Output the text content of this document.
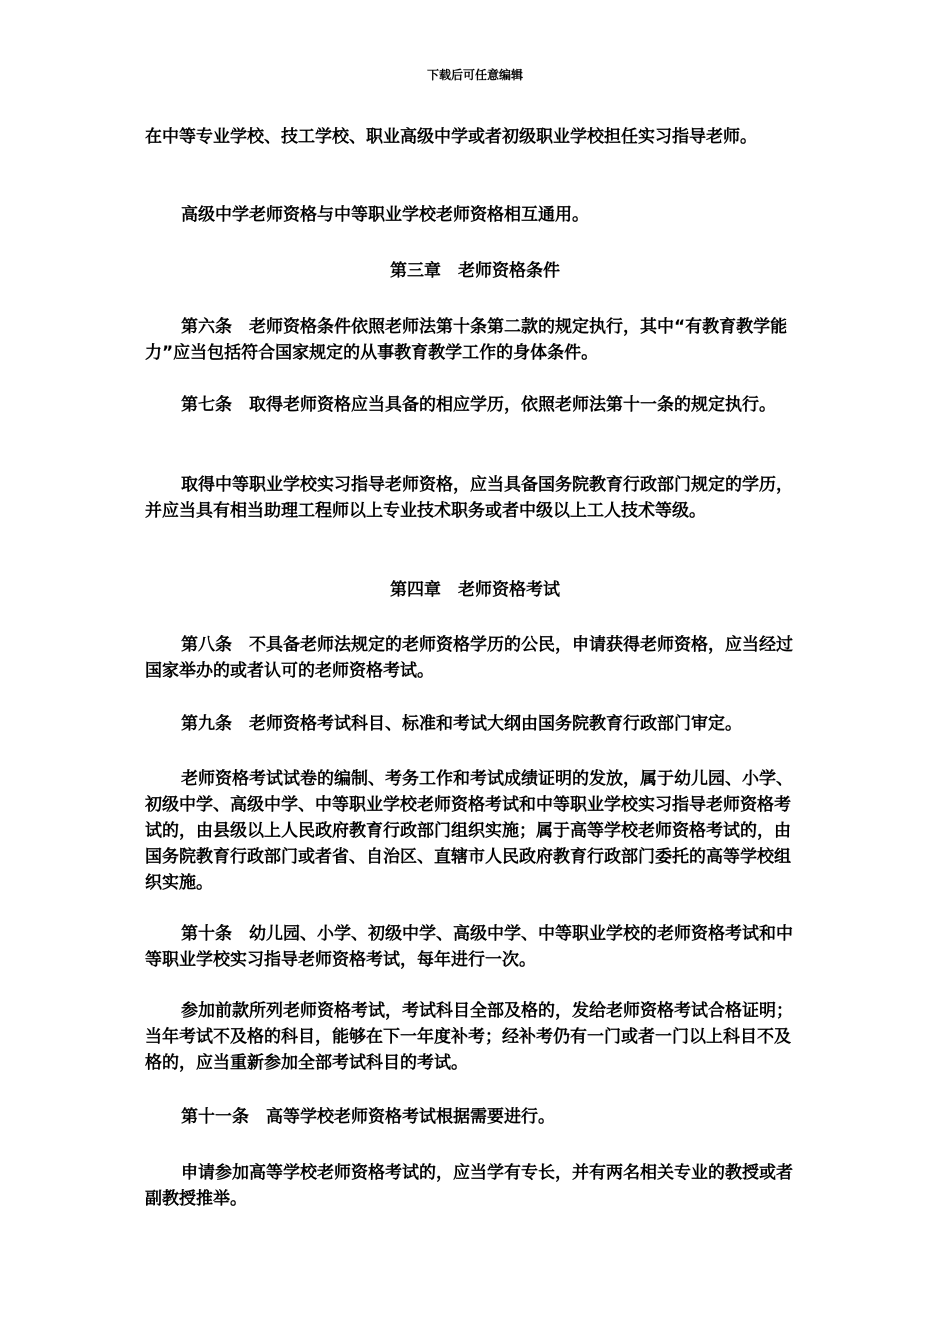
下载后可任意编辑

在中等专业学校、技工学校、职业高级中学或者初级职业学校担任实习指导老师。

高级中学老师资格与中等职业学校老师资格相互通用。

第三章　老师资格条件

第六条　老师资格条件依照老师法第十条第二款的规定执行，其中“有教育教学能力”应当包括符合国家规定的从事教育教学工作的身体条件。

第七条　取得老师资格应当具备的相应学历，依照老师法第十一条的规定执行。

取得中等职业学校实习指导老师资格，应当具备国务院教育行政部门规定的学历，并应当具有相当助理工程师以上专业技术职务或者中级以上工人技术等级。

第四章　老师资格考试

第八条　不具备老师法规定的老师资格学历的公民，申请获得老师资格，应当经过国家举办的或者认可的老师资格考试。

第九条　老师资格考试科目、标准和考试大纲由国务院教育行政部门审定。

老师资格考试试卷的编制、考务工作和考试成绩证明的发放，属于幼儿园、小学、初级中学、高级中学、中等职业学校老师资格考试和中等职业学校实习指导老师资格考试的，由县级以上人民政府教育行政部门组织实施；属于高等学校老师资格考试的，由国务院教育行政部门或者省、自治区、直辖市人民政府教育行政部门委托的高等学校组织实施。

第十条　幼儿园、小学、初级中学、高级中学、中等职业学校的老师资格考试和中等职业学校实习指导老师资格考试，每年进行一次。

参加前款所列老师资格考试，考试科目全部及格的，发给老师资格考试合格证明；当年考试不及格的科目，能够在下一年度补考；经补考仍有一门或者一门以上科目不及格的，应当重新参加全部考试科目的考试。

第十一条　高等学校老师资格考试根据需要进行。

申请参加高等学校老师资格考试的，应当学有专长，并有两名相关专业的教授或者副教授推举。
